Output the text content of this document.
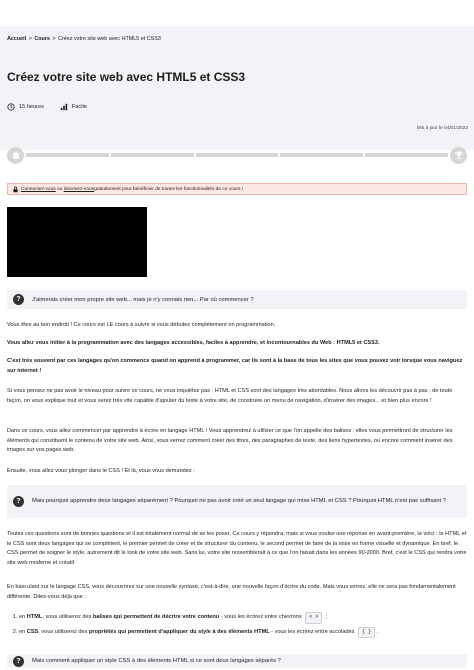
Accueil > Cours > Créez votre site web avec HTML5 et CSS3
Créez votre site web avec HTML5 et CSS3
15 heures	Facile
Mis à jour le 04/01/2023
Connectez-vous ou inscrivez-vous gratuitement pour bénéficier de toutes les fonctionnalités de ce cours !
?	J'aimerais créer mon propre site web... mais je n'y connais rien... Par où commencer ?

Vous êtes au bon endroit ! Ce cours est LE cours à suivre si vous débutez complètement en programmation.

Vous allez vous initier à la programmation avec des langages accessibles, faciles à apprendre, et incontournables du Web : HTML5 et CSS3.

C'est très souvent par ces langages qu'on commence quand on apprend à programmer, car ils sont à la base de tous les sites que vous pouvez voir lorsque vous naviguez sur internet !

Si vous pensez ne pas avoir le niveau pour suivre ce cours, ne vous inquiétez pas : HTML et CSS sont des langages très abordables. Nous allons les découvrir pas à pas : de toute façon, on vous explique tout et vous serez très vite capable d'ajouter du texte à votre site, de construire un menu de navigation, d'insérer des images... et bien plus encore !

Dans ce cours, vous allez commencer par apprendre à écrire en langage HTML ! Vous apprendrez à utiliser ce que l'on appelle des balises : elles vous permettront de structurer les éléments qui constituent le contenu de votre site web. Ainsi, vous verrez comment créer des titres, des paragraphes de texte, des liens hypertextes, ou encore comment insérer des images sur vos pages web.

Ensuite, vous allez vous plonger dans le CSS ! Et là, vous vous demandez :

?	Mais pourquoi apprendre deux langages séparément ? Pourquoi ne pas avoir créé un seul langage qui mixe HTML et CSS ? Pourquoi HTML n'est pas suffisant ?

Toutes ces questions sont de bonnes questions et il est totalement normal de se les poser. Ce cours y répondra, mais si vous voulez une réponse en avant-première, la voici : le HTML et le CSS sont deux langages qui se complètent, le premier permet de créer et de structurer du contenu, le second permet de faire de la mise en forme visuelle et dynamique. En bref, le CSS permet de soigner le style, autrement dit le look de votre site web. Sans lui, votre site ressemblerait à ce que l'on faisait dans les années 90-2000. Bref, c'est le CSS qui rendra votre site web moderne et créatif.

En basculant sur le langage CSS, vous découvrirez sur une nouvelle syntaxe, c'est-à-dire, une nouvelle façon d'écrire du code. Mais vous verrez, elle ne sera pas fondamentalement différente. Dites-vous déjà que :

1. en HTML, vous utiliserez des balises qui permettent de décrire votre contenu - vous les écrirez entre chevrons < > ;
2. en CSS, vous utiliserez des propriétés qui permettent d'appliquer du style à des éléments HTML - vous les écrirez entre accolades { } .
?	Mais comment appliquer un style CSS à des éléments HTML si ce sont deux langages séparés ?
